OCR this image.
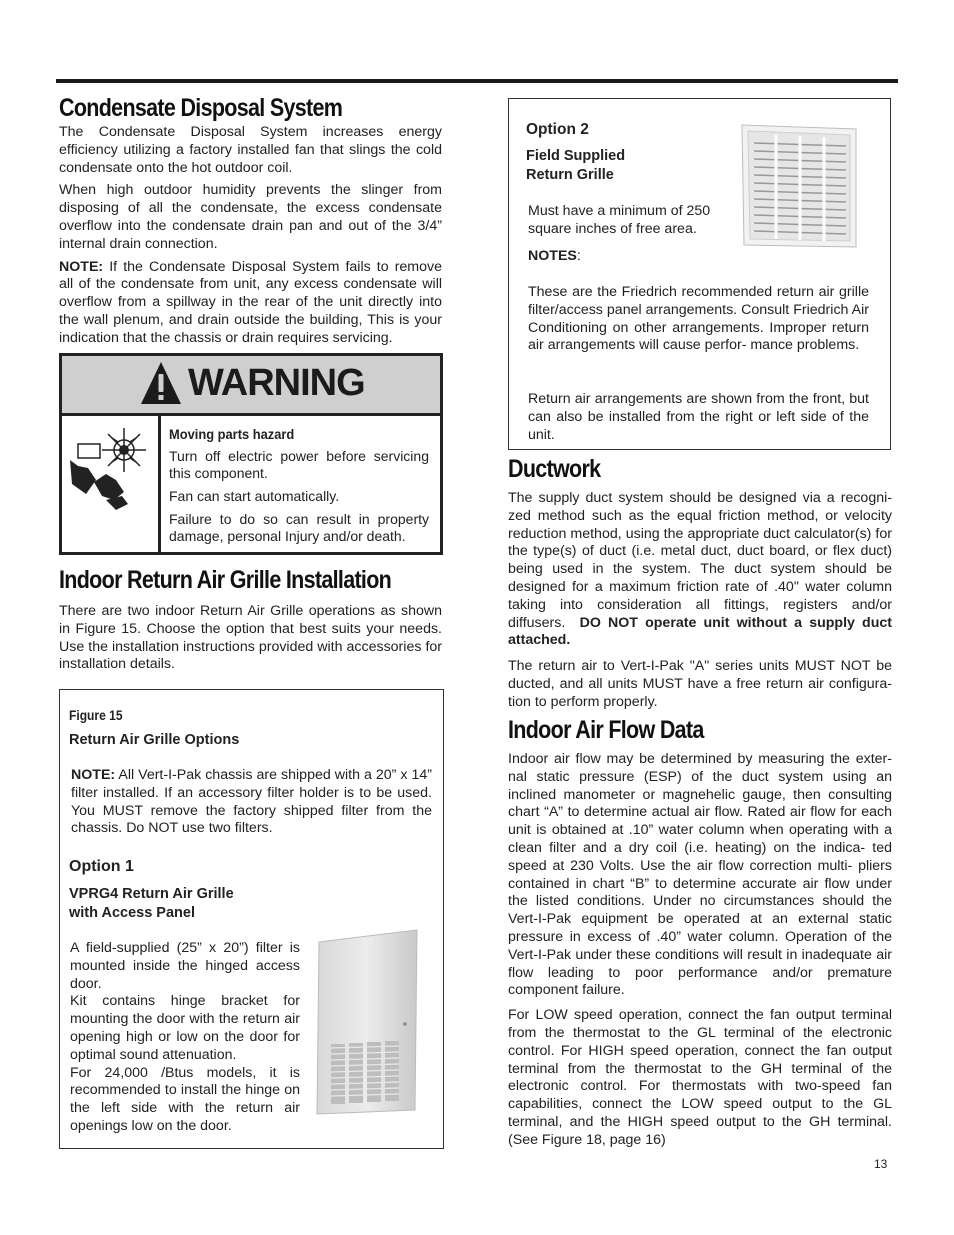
Condensate Disposal System

The Condensate Disposal System increases energy efficiency utilizing a factory installed fan that slings the cold condensate onto the hot outdoor coil.

When high outdoor humidity prevents the slinger from disposing of all the condensate, the excess condensate overflow into the condensate drain pan and out of the 3/4” internal drain connection.

NOTE: If the Condensate Disposal System fails to remove all of the condensate from unit, any excess condensate will overflow from a spillway in the rear of the unit directly into the wall plenum, and drain outside the building, This is your indication that the chassis or drain requires servicing.

WARNING
Moving parts hazard

Turn off electric power before servicing this component.

Fan can start automatically.

Failure to do so can result in property damage, personal Injury and/or death.

Indoor Return Air Grille Installation

There are two indoor Return Air Grille operations as shown in Figure 15. Choose the option that best suits your needs. Use the installation instructions provided with accessories for installation details.

Figure 15
Return Air Grille Options

NOTE: All Vert-I-Pak chassis are shipped with a 20” x 14” filter installed. If an accessory filter holder is to be used. You MUST remove the factory shipped filter from the chassis. Do NOT use two filters.

Option 1
VPRG4 Return Air Grille
with Access Panel

A field-supplied (25” x 20”) filter is mounted inside the hinged access door.

Kit contains hinge bracket for mounting the door with the return air opening high or low on the door for optimal sound attenuation.

For 24,000 /Btus models, it is recommended to install the hinge on the left side with the return air openings low on the door.

Option 2
Field Supplied
Return Grille

Must have a minimum of 250 square inches of free area.

NOTES:

These are the Friedrich recommended return air grille filter/access panel arrangements. Consult Friedrich Air Conditioning on other arrangements. Improper return air arrangements will cause perfor- mance problems.

Return air arrangements are shown from the front, but can also be installed from the right or left side of the unit.

Ductwork

The supply duct system should be designed via a recogni- zed method such as the equal friction method, or velocity reduction method, using the appropriate duct calculator(s) for the type(s) of duct (i.e. metal duct, duct board, or flex duct) being used in the system. The duct system should be designed for a maximum friction rate of .40" water column taking into consideration all fittings, registers and/or diffusers. DO NOT operate unit without a supply duct attached.

The return air to Vert-I-Pak "A" series units MUST NOT be ducted, and all units MUST have a free return air configura- tion to perform properly.

Indoor Air Flow Data

Indoor air flow may be determined by measuring the exter- nal static pressure (ESP) of the duct system using an inclined manometer or magnehelic gauge, then consulting chart “A” to determine actual air flow. Rated air flow for each unit is obtained at .10” water column when operating with a clean filter and a dry coil (i.e. heating) on the indica- ted speed at 230 Volts. Use the air flow correction multi- pliers contained in chart “B” to determine accurate air flow under the listed conditions. Under no circumstances should the Vert-I-Pak equipment be operated at an external static pressure in excess of .40” water column. Operation of the Vert-I-Pak under these conditions will result in inadequate air flow leading to poor performance and/or premature component failure.

For LOW speed operation, connect the fan output terminal from the thermostat to the GL terminal of the electronic control. For HIGH speed operation, connect the fan output terminal from the thermostat to the GH terminal of the electronic control. For thermostats with two-speed fan capabilities, connect the LOW speed output to the GL terminal, and the HIGH speed output to the GH terminal. (See Figure 18, page 16)

13
